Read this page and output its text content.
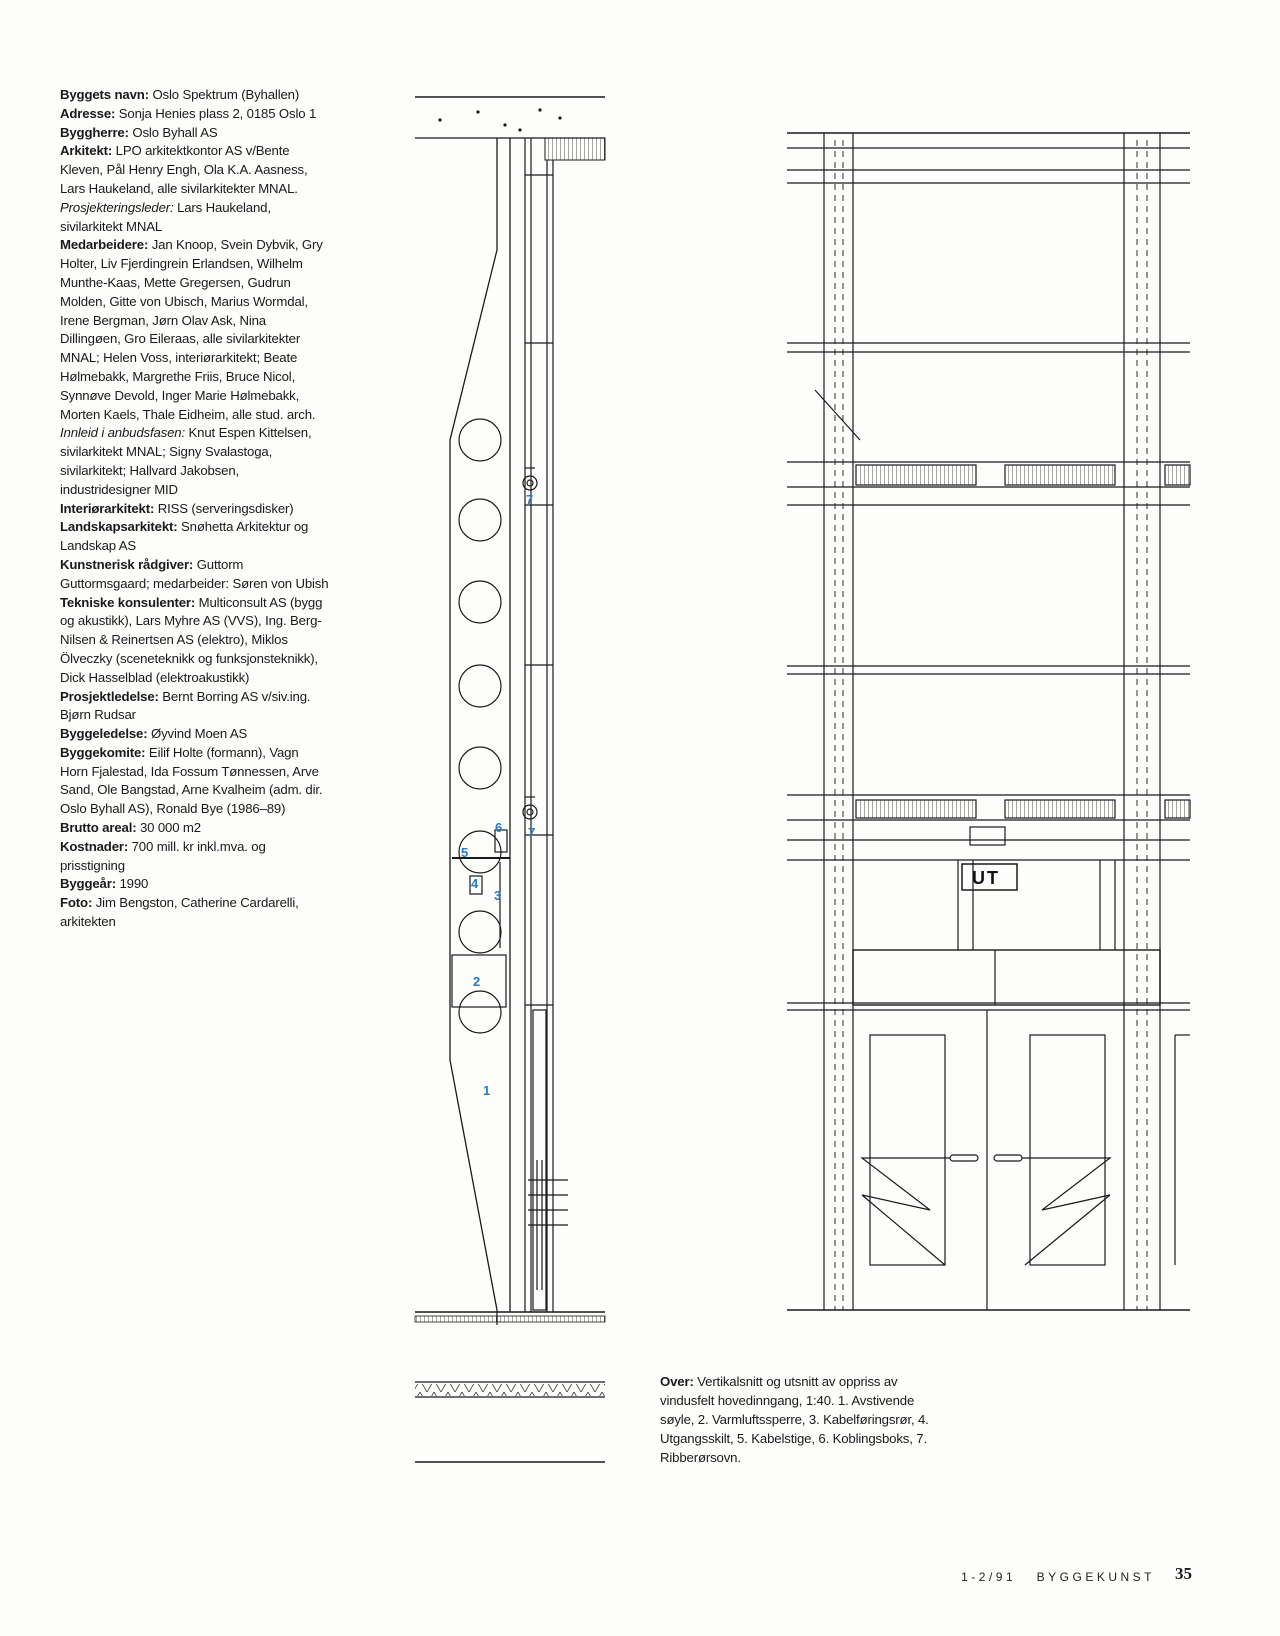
Byggets navn: Oslo Spektrum (Byhallen)

Adresse: Sonja Henies plass 2, 0185 Oslo 1

Byggherre: Oslo Byhall AS

Arkitekt: LPO arkitektkontor AS v/Bente Kleven, Pål Henry Engh, Ola K.A. Aasness, Lars Haukeland, alle sivilarkitekter MNAL. Prosjekteringsleder: Lars Haukeland, sivilarkitekt MNAL

Medarbeidere: Jan Knoop, Svein Dybvik, Gry Holter, Liv Fjerdingrein Erlandsen, Wilhelm Munthe-Kaas, Mette Gregersen, Gudrun Molden, Gitte von Ubisch, Marius Wormdal, Irene Bergman, Jørn Olav Ask, Nina Dillingøen, Gro Eileraas, alle sivilarkitekter MNAL; Helen Voss, interiørarkitekt; Beate Hølmebakk, Margrethe Friis, Bruce Nicol, Synnøve Devold, Inger Marie Hølmebakk, Morten Kaels, Thale Eidheim, alle stud. arch. Innleid i anbudsfasen: Knut Espen Kittelsen, sivilarkitekt MNAL; Signy Svalastoga, sivilarkitekt; Hallvard Jakobsen, industridesigner MID

Interiørarkitekt: RISS (serveringsdisker)

Landskapsarkitekt: Snøhetta Arkitektur og Landskap AS

Kunstnerisk rådgiver: Guttorm Guttormsgaard; medarbeider: Søren von Ubish

Tekniske konsulenter: Multiconsult AS (bygg og akustikk), Lars Myhre AS (VVS), Ing. Berg-Nilsen & Reinertsen AS (elektro), Miklos Ölveczky (sceneteknikk og funksjonsteknikk), Dick Hasselblad (elektroakustikk)

Prosjektledelse: Bernt Borring AS v/siv.ing. Bjørn Rudsar

Byggeledelse: Øyvind Moen AS

Byggekomite: Eilif Holte (formann), Vagn Horn Fjalestad, Ida Fossum Tønnessen, Arve Sand, Ole Bangstad, Arne Kvalheim (adm. dir. Oslo Byhall AS), Ronald Bye (1986–89)

Brutto areal: 30 000 m2

Kostnader: 700 mill. kr inkl.mva. og prisstigning

Byggeår: 1990

Foto: Jim Bengston, Catherine Cardarelli, arkitekten

1
2
3
4
5
6
7
7
UT
Over: Vertikalsnitt og utsnitt av oppriss av vindusfelt hovedinngang, 1:40. 1. Avstivende søyle, 2. Varmluftssperre, 3. Kabelføringsrør, 4. Utgangsskilt, 5. Kabelstige, 6. Koblingsboks, 7. Ribberørsovn.
1-2/91 BYGGEKUNST 35
